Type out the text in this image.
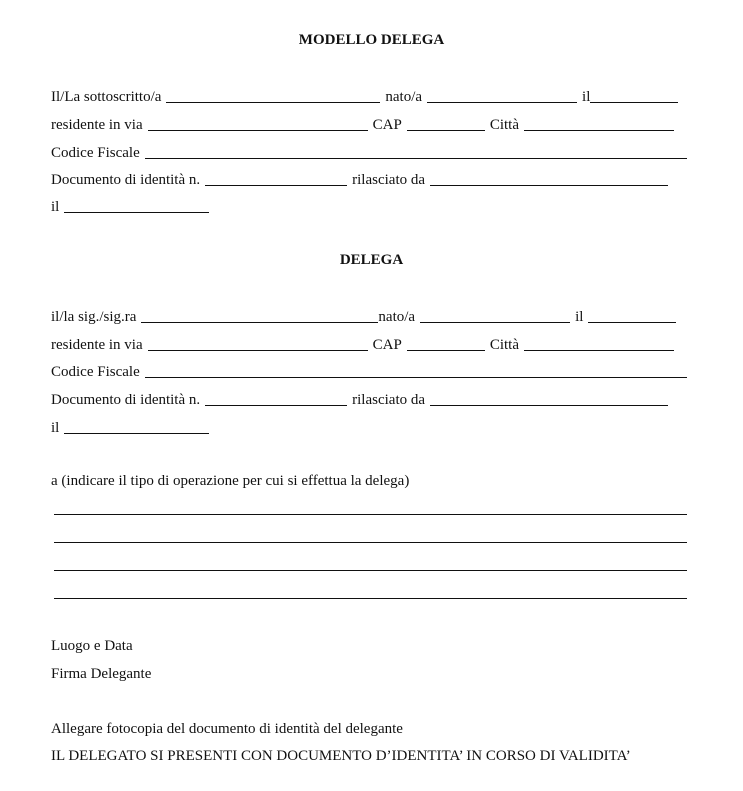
MODELLO DELEGA
Il/La sottoscritto/a	nato/a	il
residente in via	CAP	Città
Codice Fiscale
Documento di identità n.	rilasciato da
il
DELEGA
il/la sig./sig.ra	nato/a	il
residente in via	CAP	Città
Codice Fiscale
Documento di identità n.	rilasciato da
il
a (indicare il tipo di operazione per cui si effettua la delega)
Luogo e Data
Firma Delegante
Allegare fotocopia del documento di identità del delegante
IL DELEGATO SI PRESENTI CON DOCUMENTO D’IDENTITA’ IN CORSO DI VALIDITA’
